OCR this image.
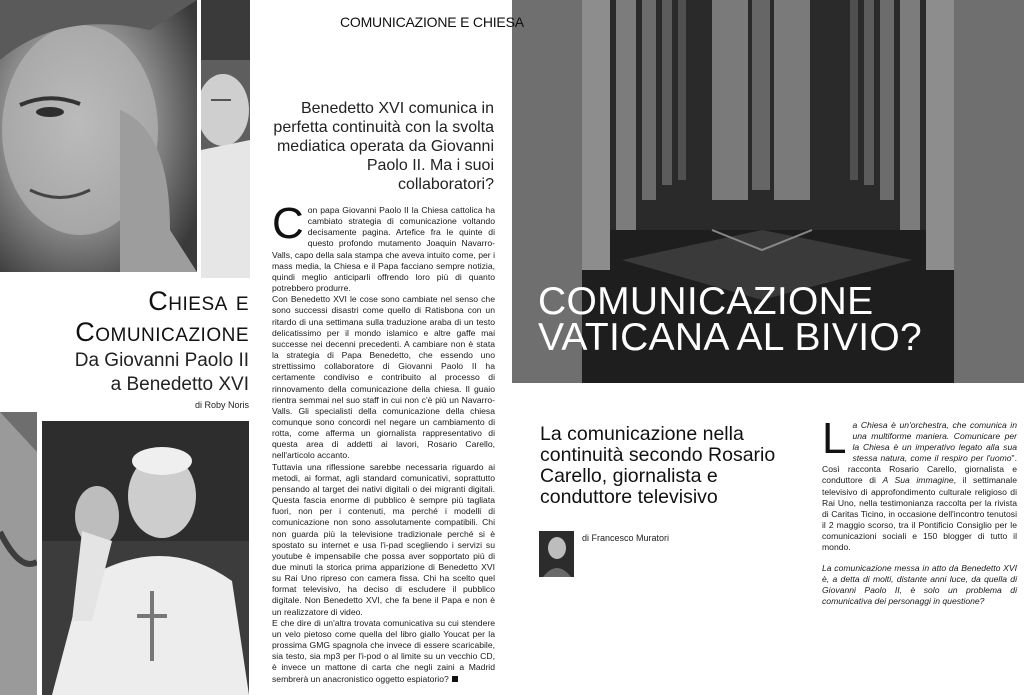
COMUNICAZIONE E CHIESA
Benedetto XVI comunica in perfetta continuità con la svolta mediatica operata da Giovanni Paolo II. Ma i suoi collaboratori?
Chiesa e
Comunicazione
Da Giovanni Paolo II
a Benedetto XVI
di Roby Noris

Con papa Giovanni Paolo II la Chiesa cattolica ha cambiato strategia di comunicazione voltando decisamente pagina. Artefice fra le quinte di questo profondo mutamento Joaquin Navarro-Valls, capo della sala stampa che aveva intuito come, per i mass media, la Chiesa e il Papa facciano sempre notizia, quindi meglio anticiparli offrendo loro più di quanto potrebbero produrre.

Con Benedetto XVI le cose sono cambiate nel senso che sono successi disastri come quello di Ratisbona con un ritardo di una settimana sulla traduzione araba di un testo delicatissimo per il mondo islamico e altre gaffe mai successe nei decenni precedenti. A cambiare non è stata la strategia di Papa Benedetto, che essendo uno strettissimo collaboratore di Giovanni Paolo II ha certamente condiviso e contribuito al processo di rinnovamento della comunicazione della chiesa. Il guaio rientra semmai nel suo staff in cui non c'è più un Navarro-Valls. Gli specialisti della comunicazione della chiesa comunque sono concordi nel negare un cambiamento di rotta, come afferma un giornalista rappresentativo di questa area di addetti ai lavori, Rosario Carello, nell'articolo accanto.

Tuttavia una riflessione sarebbe necessaria riguardo ai metodi, ai format, agli standard comunicativi, soprattutto pensando al target dei nativi digitali o dei migranti digitali. Questa fascia enorme di pubblico è sempre più tagliata fuori, non per i contenuti, ma perché i modelli di comunicazione non sono assolutamente compatibili. Chi non guarda più la televisione tradizionale perché si è spostato su internet e usa l'i-pad scegliendo i servizi su youtube è impensabile che possa aver sopportato più di due minuti la storica prima apparizione di Benedetto XVI su Rai Uno ripreso con camera fissa. Chi ha scelto quel format televisivo, ha deciso di escludere il pubblico digitale. Non Benedetto XVI, che fa bene il Papa e non è un realizzatore di video.

E che dire di un'altra trovata comunicativa su cui stendere un velo pietoso come quella del libro giallo Youcat per la prossima GMG spagnola che invece di essere scaricabile, sia testo, sia mp3 per l'i-pod o al limite su un vecchio CD, è invece un mattone di carta che negli zaini a Madrid sembrerà un anacronistico oggetto espiatorio?

COMUNICAZIONE
VATICANA AL BIVIO?
La comunicazione nella continuità secondo Rosario Carello, giornalista e conduttore televisivo
di Francesco Muratori

La Chiesa è un'orchestra, che comunica in una multiforme maniera. Comunicare per la Chiesa è un imperativo legato alla sua stessa natura, come il respiro per l'uomo". Così racconta Rosario Carello, giornalista e conduttore di A Sua immagine, il settimanale televisivo di approfondimento culturale religioso di Rai Uno, nella testimonianza raccolta per la rivista di Caritas Ticino, in occasione dell'incontro tenutosi il 2 maggio scorso, tra il Pontificio Consiglio per le comunicazioni sociali e 150 blogger di tutto il mondo.

La comunicazione messa in atto da Benedetto XVI è, a detta di molti, distante anni luce, da quella di Giovanni Paolo II, è solo un problema di comunicativa dei personaggi in questione?
